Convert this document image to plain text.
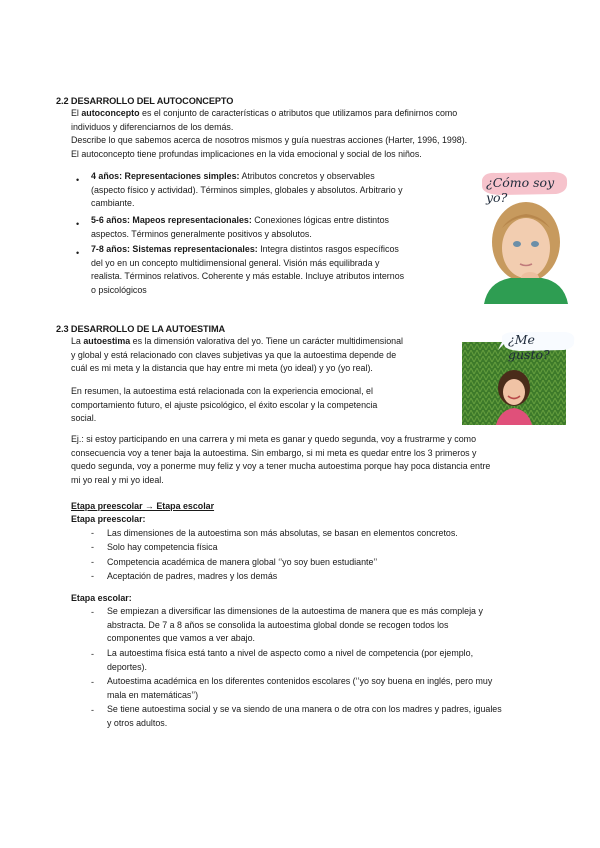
2.2 DESARROLLO DEL AUTOCONCEPTO
El autoconcepto es el conjunto de características o atributos que utilizamos para definirnos como
individuos y diferenciarnos de los demás.
Describe lo que sabemos acerca de nosotros mismos y guía nuestras acciones (Harter, 1996, 1998).
El autoconcepto tiene profundas implicaciones en la vida emocional y social de los niños.
• 4 años: Representaciones simples: Atributos concretos y observables
(aspecto físico y actividad). Términos simples, globales y absolutos. Arbitrario y
cambiante.
• 5-6 años: Mapeos representacionales: Conexiones lógicas entre distintos
aspectos. Términos generalmente positivos y absolutos.
• 7-8 años: Sistemas representacionales: Integra distintos rasgos específicos
del yo en un concepto multidimensional general. Visión más equilibrada y
realista. Términos relativos. Coherente y más estable. Incluye atributos internos
o psicológicos
¿Cómo soy yo?
2.3 DESARROLLO DE LA AUTOESTIMA
La autoestima es la dimensión valorativa del yo. Tiene un carácter multidimensional
y global y está relacionado con claves subjetivas ya que la autoestima depende de
cuál es mi meta y la distancia que hay entre mi meta (yo ideal) y yo (yo real).
En resumen, la autoestima está relacionada con la experiencia emocional, el
comportamiento futuro, el ajuste psicológico, el éxito escolar y la competencia
social.
¿Me gusto?
Ej.: si estoy participando en una carrera y mi meta es ganar y quedo segunda, voy a frustrarme y como
consecuencia voy a tener baja la autoestima. Sin embargo, si mi meta es quedar entre los 3 primeros y
quedo segunda, voy a ponerme muy feliz y voy a tener mucha autoestima porque hay poca distancia entre
mi yo real y mi yo ideal.
Etapa preescolar → Etapa escolar
Etapa preescolar:
- Las dimensiones de la autoestima son más absolutas, se basan en elementos concretos.
- Solo hay competencia física
- Competencia académica de manera global ‘’yo soy buen estudiante’’
- Aceptación de padres, madres y los demás
Etapa escolar:
- Se empiezan a diversificar las dimensiones de la autoestima de manera que es más compleja y
abstracta. De 7 a 8 años se consolida la autoestima global donde se recogen todos los
componentes que vamos a ver abajo.
- La autoestima física está tanto a nivel de aspecto como a nivel de competencia (por ejemplo,
deportes).
- Autoestima académica en los diferentes contenidos escolares (‘’yo soy buena en inglés, pero muy
mala en matemáticas’’)
- Se tiene autoestima social y se va siendo de una manera o de otra con los madres y padres, iguales
y otros adultos.
